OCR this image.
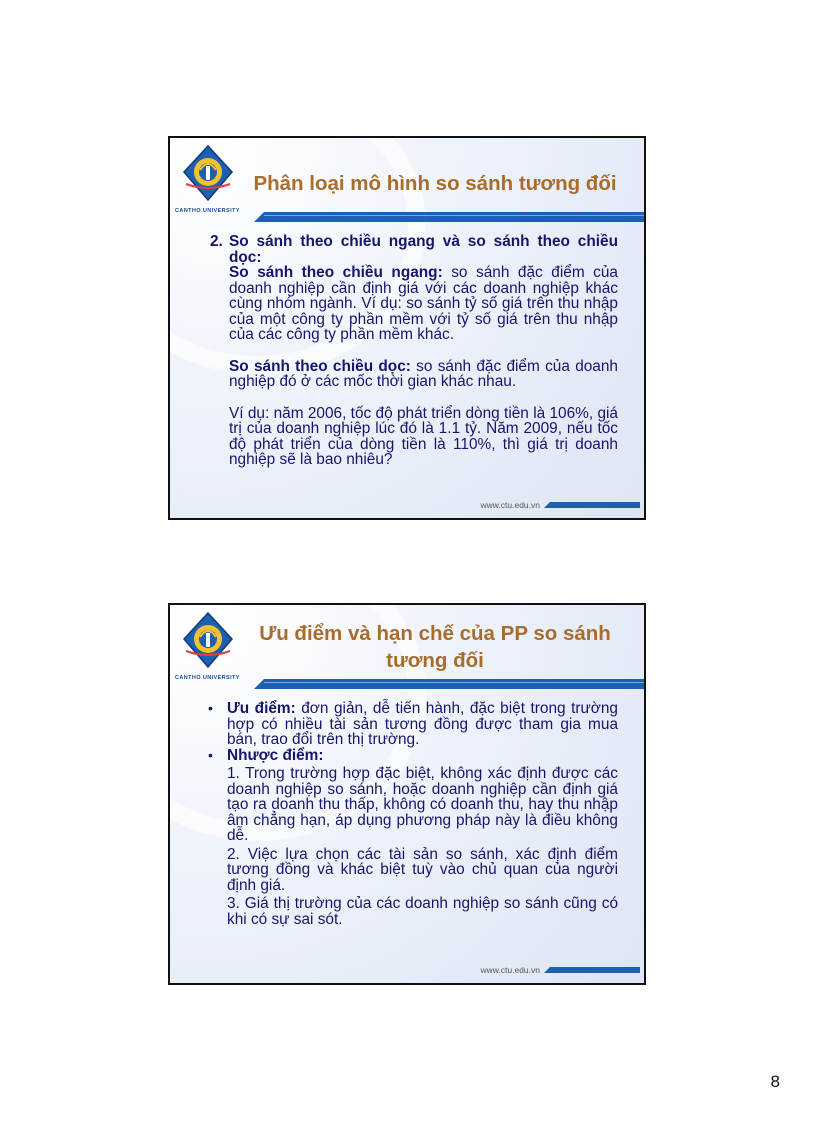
CANTHO UNIVERSITY
Phân loại mô hình so sánh tương đối
2. So sánh theo chiều ngang và so sánh theo chiều dọc:

So sánh theo chiều ngang: so sánh đặc điểm của doanh nghiệp cần định giá với các doanh nghiệp khác cùng nhóm ngành. Ví dụ: so sánh tỷ số giá trên thu nhập của một công ty phần mềm với tỷ số giá trên thu nhập của các công ty phần mềm khác.

So sánh theo chiều dọc: so sánh đặc điểm của doanh nghiệp đó ở các mốc thời gian khác nhau.

Ví dụ: năm 2006, tốc độ phát triển dòng tiền là 106%, giá trị của doanh nghiệp lúc đó là 1.1 tỷ. Năm 2009, nếu tốc độ phát triển của dòng tiền là 110%, thì giá trị doanh nghiệp sẽ là bao nhiêu?

www.ctu.edu.vn
CANTHO UNIVERSITY
Ưu điểm và hạn chế của PP so sánh tương đối
• Ưu điểm: đơn giản, dễ tiến hành, đặc biệt trong trường hợp có nhiều tài sản tương đồng được tham gia mua bán, trao đổi trên thị trường.
• Nhược điểm:

1. Trong trường hợp đặc biệt, không xác định được các doanh nghiệp so sánh, hoặc doanh nghiệp cần định giá tạo ra doanh thu thấp, không có doanh thu, hay thu nhập âm chẳng hạn, áp dụng phương pháp này là điều không dễ.

2. Việc lựa chọn các tài sản so sánh, xác định điểm tương đồng và khác biệt tuỳ vào chủ quan của người định giá.

3. Giá thị trường của các doanh nghiệp so sánh cũng có khi có sự sai sót.

www.ctu.edu.vn
8
